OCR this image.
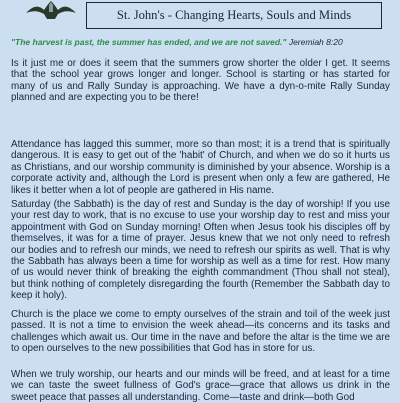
St. John's - Changing Hearts, Souls and Minds
"The harvest is past, the summer has ended, and we are not saved." Jeremiah 8:20

Is it just me or does it seem that the summers grow shorter the older I get. It seems that the school year grows longer and longer. School is starting or has started for many of us and Rally Sunday is approaching. We have a dyn-o-mite Rally Sunday planned and are expecting you to be there!

Attendance has lagged this summer, more so than most; it is a trend that is spiritually dangerous. It is easy to get out of the 'habit' of Church, and when we do so it hurts us as Christians, and our worship community is diminished by your absence. Worship is a corporate activity and, although the Lord is present when only a few are gathered, He likes it better when a lot of people are gathered in His name.

Saturday (the Sabbath) is the day of rest and Sunday is the day of worship! If you use your rest day to work, that is no excuse to use your worship day to rest and miss your appointment with God on Sunday morning! Often when Jesus took his disciples off by themselves, it was for a time of prayer. Jesus knew that we not only need to refresh our bodies and to refresh our minds, we need to refresh our spirits as well. That is why the Sabbath has always been a time for worship as well as a time for rest. How many of us would never think of breaking the eighth commandment (Thou shall not steal), but think nothing of completely disregarding the fourth (Remember the Sabbath day to keep it holy).

Church is the place we come to empty ourselves of the strain and toil of the week just passed. It is not a time to envision the week ahead—its concerns and its tasks and challenges which await us. Our time in the nave and before the altar is the time we are to open ourselves to the new possibilities that God has in store for us.

When we truly worship, our hearts and our minds will be freed, and at least for a time we can taste the sweet fullness of God's grace—grace that allows us drink in the sweet peace that passes all understanding. Come—taste and drink—both God
